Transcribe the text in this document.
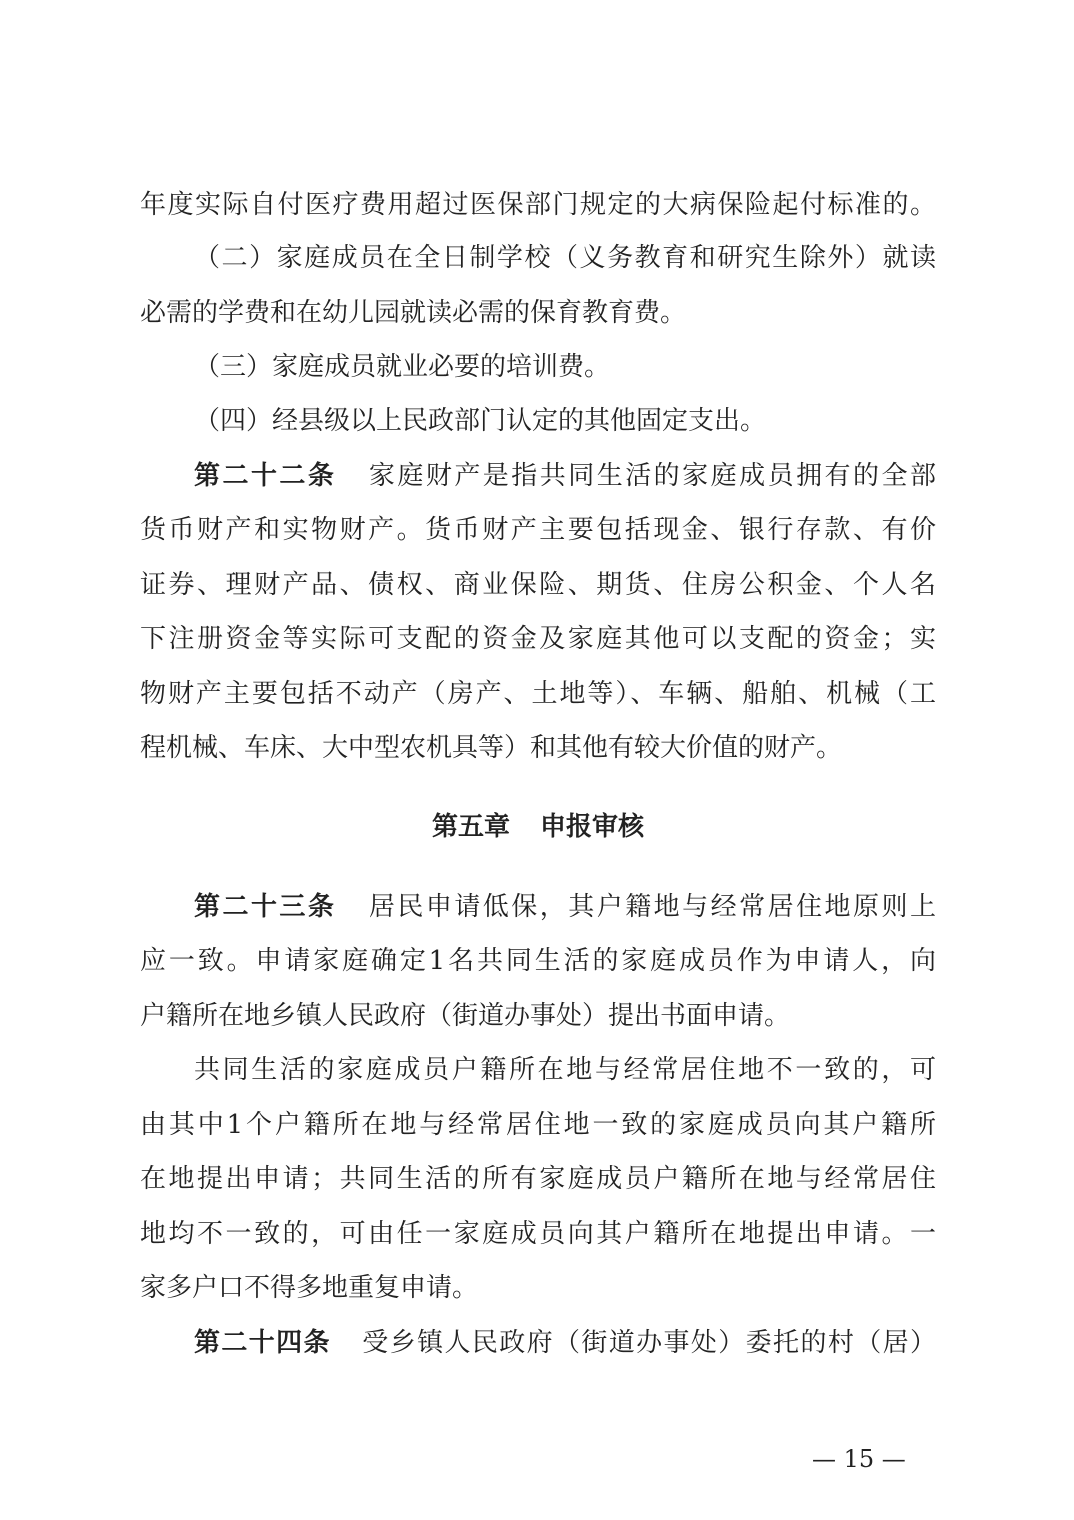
年度实际自付医疗费用超过医保部门规定的大病保险起付标准的。
（二）家庭成员在全日制学校（义务教育和研究生除外）就读
必需的学费和在幼儿园就读必需的保育教育费。
（三）家庭成员就业必要的培训费。
（四）经县级以上民政部门认定的其他固定支出。
第二十二条 家庭财产是指共同生活的家庭成员拥有的全部
货币财产和实物财产。货币财产主要包括现金、银行存款、有价
证券、理财产品、债权、商业保险、期货、住房公积金、个人名
下注册资金等实际可支配的资金及家庭其他可以支配的资金；实
物财产主要包括不动产（房产、土地等）、车辆、船舶、机械（工
程机械、车床、大中型农机具等）和其他有较大价值的财产。
第五章 申报审核
第二十三条 居民申请低保，其户籍地与经常居住地原则上
应一致。申请家庭确定1名共同生活的家庭成员作为申请人，向
户籍所在地乡镇人民政府（街道办事处）提出书面申请。
共同生活的家庭成员户籍所在地与经常居住地不一致的，可
由其中1个户籍所在地与经常居住地一致的家庭成员向其户籍所
在地提出申请；共同生活的所有家庭成员户籍所在地与经常居住
地均不一致的，可由任一家庭成员向其户籍所在地提出申请。一
家多户口不得多地重复申请。
第二十四条 受乡镇人民政府（街道办事处）委托的村（居）
— 15 —
